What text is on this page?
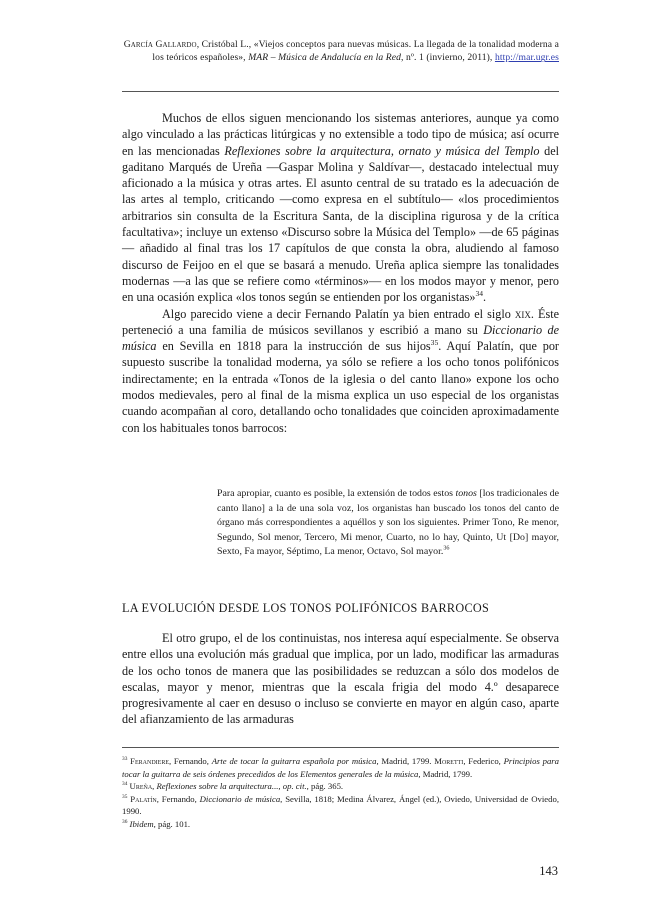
García Gallardo, Cristóbal L., «Viejos conceptos para nuevas músicas. La llegada de la tonalidad moderna a los teóricos españoles», MAR – Música de Andalucía en la Red, nº. 1 (invierno, 2011), http://mar.ugr.es

Muchos de ellos siguen mencionando los sistemas anteriores, aunque ya como algo vinculado a las prácticas litúrgicas y no extensible a todo tipo de música; así ocurre en las mencionadas Reflexiones sobre la arquitectura, ornato y música del Templo del gaditano Marqués de Ureña —Gaspar Molina y Saldívar—, destacado intelectual muy aficionado a la música y otras artes. El asunto central de su tratado es la adecuación de las artes al templo, criticando —como expresa en el subtítulo— «los procedimientos arbitrarios sin consulta de la Escritura Santa, de la disciplina rigurosa y de la crítica facultativa»; incluye un extenso «Discurso sobre la Música del Templo» —de 65 páginas— añadido al final tras los 17 capítulos de que consta la obra, aludiendo al famoso discurso de Feijoo en el que se basará a menudo. Ureña aplica siempre las tonalidades modernas —a las que se refiere como «términos»— en los modos mayor y menor, pero en una ocasión explica «los tonos según se entienden por los organistas»$^{34}$.

Algo parecido viene a decir Fernando Palatín ya bien entrado el siglo xix. Éste perteneció a una familia de músicos sevillanos y escribió a mano su Diccionario de música en Sevilla en 1818 para la instrucción de sus hijos$^{35}$. Aquí Palatín, que por supuesto suscribe la tonalidad moderna, ya sólo se refiere a los ocho tonos polifónicos indirectamente; en la entrada «Tonos de la iglesia o del canto llano» expone los ocho modos medievales, pero al final de la misma explica un uso especial de los organistas cuando acompañan al coro, detallando ocho tonalidades que coinciden aproximadamente con los habituales tonos barrocos:

Para apropiar, cuanto es posible, la extensión de todos estos tonos [los tradicionales de canto llano] a la de una sola voz, los organistas han buscado los tonos del canto de órgano más correspondientes a aquéllos y son los siguientes. Primer Tono, Re menor, Segundo, Sol menor, Tercero, Mi menor, Cuarto, no lo hay, Quinto, Ut [Do] mayor, Sexto, Fa mayor, Séptimo, La menor, Octavo, Sol mayor.$^{36}$
LA EVOLUCIÓN DESDE LOS TONOS POLIFÓNICOS BARROCOS

El otro grupo, el de los continuistas, nos interesa aquí especialmente. Se observa entre ellos una evolución más gradual que implica, por un lado, modificar las armaduras de los ocho tonos de manera que las posibilidades se reduzcan a sólo dos modelos de escalas, mayor y menor, mientras que la escala frigia del modo 4.º desaparece progresivamente al caer en desuso o incluso se convierte en mayor en algún caso, aparte del afianzamiento de las armaduras

$^{33}$ Ferandiere, Fernando, Arte de tocar la guitarra española por música, Madrid, 1799. Moretti, Federico, Principios para tocar la guitarra de seis órdenes precedidos de los Elementos generales de la música, Madrid, 1799.

$^{34}$ Ureña, Reflexiones sobre la arquitectura..., op. cit., pág. 365.

$^{35}$ Palatín, Fernando, Diccionario de música, Sevilla, 1818; Medina Álvarez, Ángel (ed.), Oviedo, Universidad de Oviedo, 1990.

$^{36}$ Ibidem, pág. 101.

143
